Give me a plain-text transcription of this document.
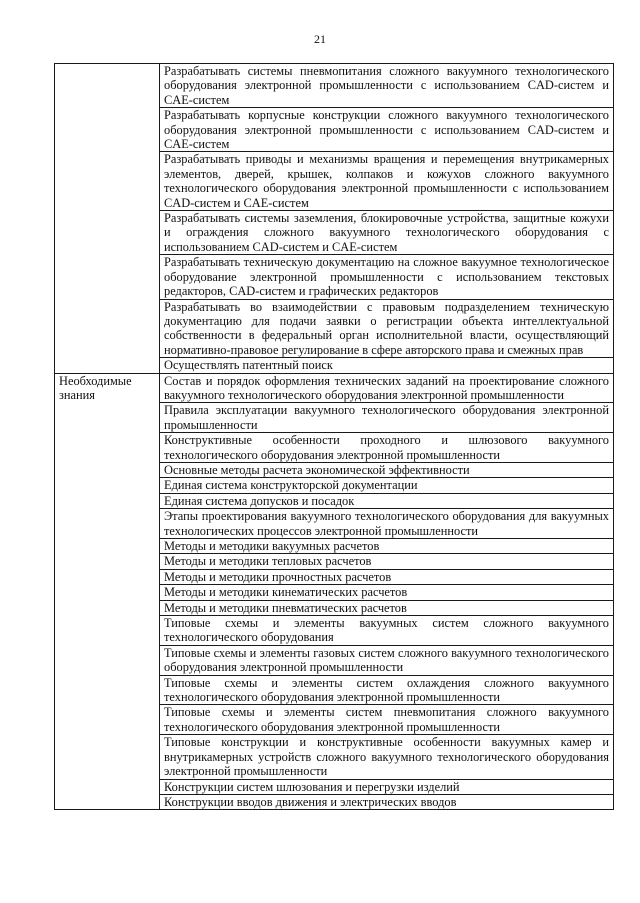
21
	Разрабатывать системы пневмопитания сложного вакуумного технологического оборудования электронной промышленности с использованием CAD-систем и CAE-систем
	Разрабатывать корпусные конструкции сложного вакуумного технологического оборудования электронной промышленности с использованием CAD-систем и CAE-систем
	Разрабатывать приводы и механизмы вращения и перемещения внутрикамерных элементов, дверей, крышек, колпаков и кожухов сложного вакуумного технологического оборудования электронной промышленности с использованием CAD-систем и CAE-систем
	Разрабатывать системы заземления, блокировочные устройства, защитные кожухи и ограждения сложного вакуумного технологического оборудования с использованием CAD-систем и CAE-систем
	Разрабатывать техническую документацию на сложное вакуумное технологическое оборудование электронной промышленности с использованием текстовых редакторов, CAD-систем и графических редакторов
	Разрабатывать во взаимодействии с правовым подразделением техническую документацию для подачи заявки о регистрации объекта интеллектуальной собственности в федеральный орган исполнительной власти, осуществляющий нормативно-правовое регулирование в сфере авторского права и смежных прав
	Осуществлять патентный поиск
Необходимые знания	Состав и порядок оформления технических заданий на проектирование сложного вакуумного технологического оборудования электронной промышленности
	Правила эксплуатации вакуумного технологического оборудования электронной промышленности
	Конструктивные особенности проходного и шлюзового вакуумного технологического оборудования электронной промышленности
	Основные методы расчета экономической эффективности
	Единая система конструкторской документации
	Единая система допусков и посадок
	Этапы проектирования вакуумного технологического оборудования для вакуумных технологических процессов электронной промышленности
	Методы и методики вакуумных расчетов
	Методы и методики тепловых расчетов
	Методы и методики прочностных расчетов
	Методы и методики кинематических расчетов
	Методы и методики пневматических расчетов
	Типовые схемы и элементы вакуумных систем сложного вакуумного технологического оборудования
	Типовые схемы и элементы газовых систем сложного вакуумного технологического оборудования электронной промышленности
	Типовые схемы и элементы систем охлаждения сложного вакуумного технологического оборудования электронной промышленности
	Типовые схемы и элементы систем пневмопитания сложного вакуумного технологического оборудования электронной промышленности
	Типовые конструкции и конструктивные особенности вакуумных камер и внутрикамерных устройств сложного вакуумного технологического оборудования электронной промышленности
	Конструкции систем шлюзования и перегрузки изделий
	Конструкции вводов движения и электрических вводов
